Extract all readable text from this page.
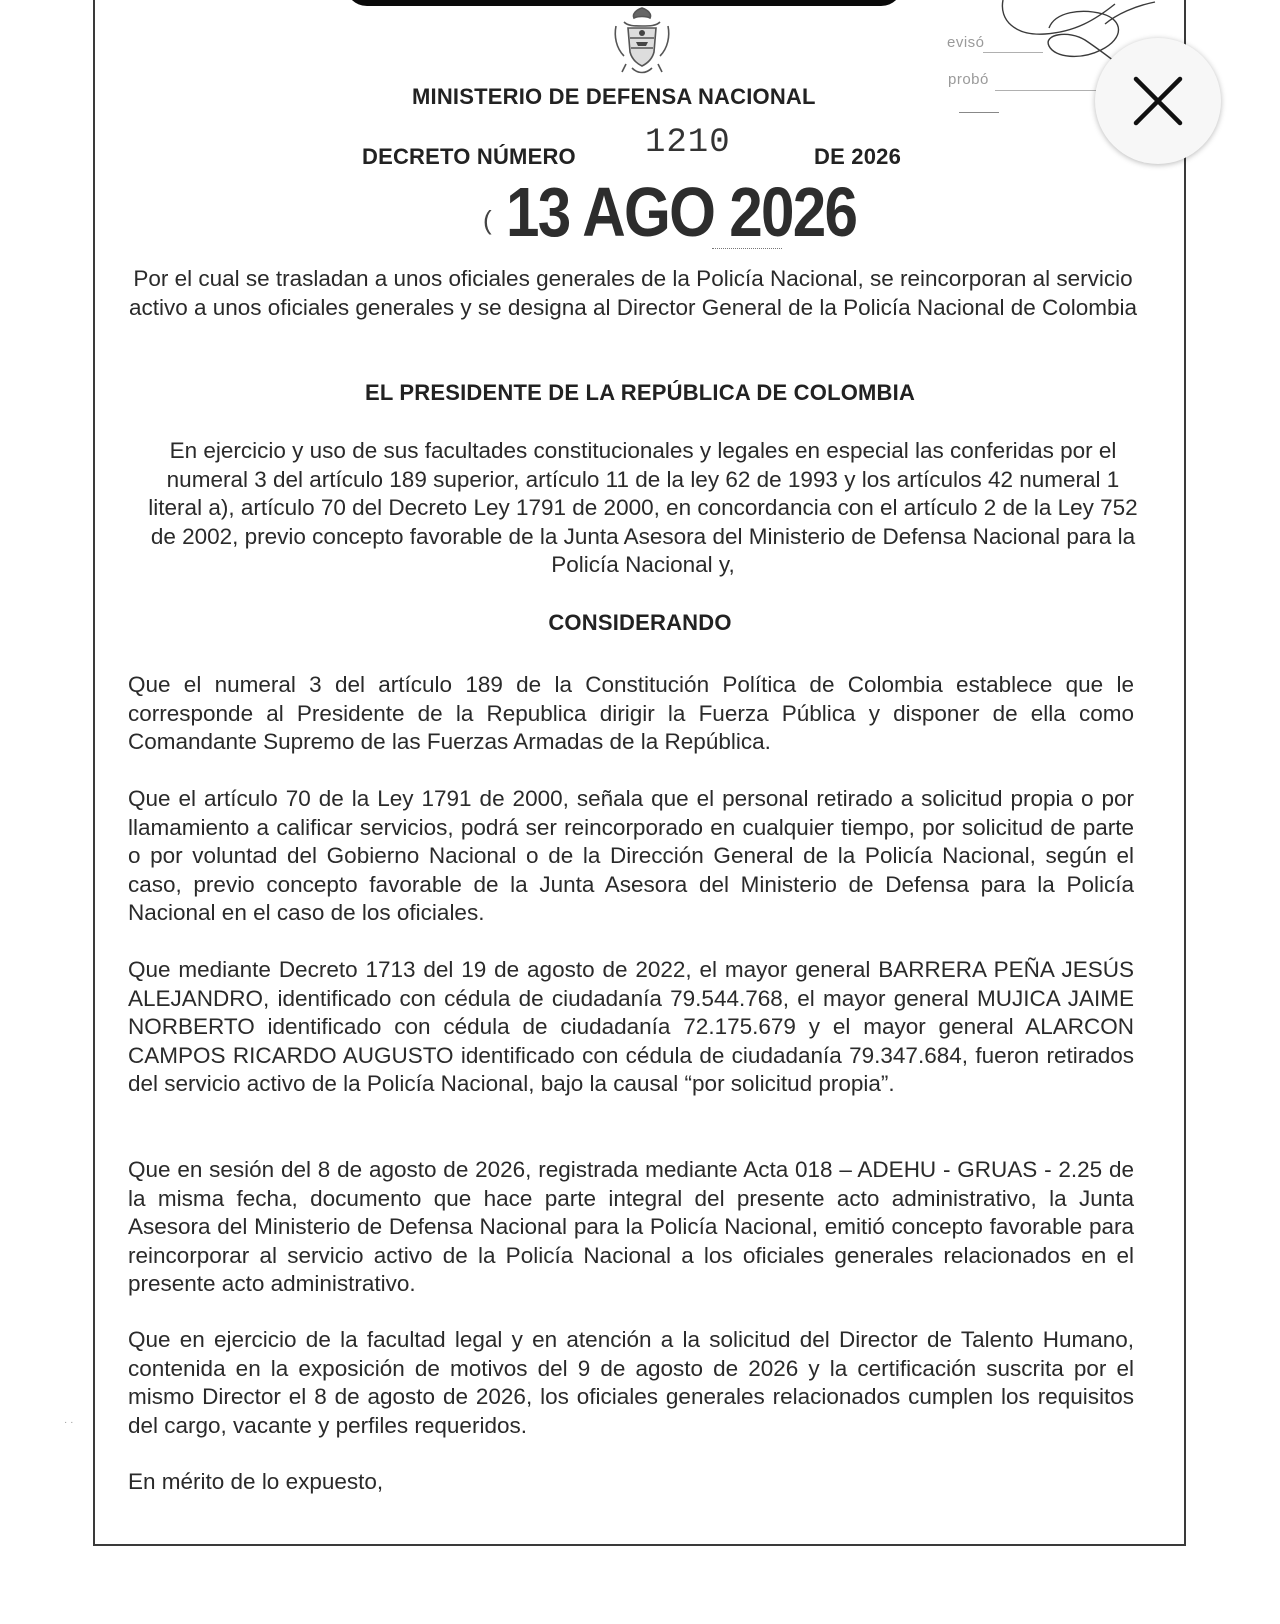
evisó
probó
MINISTERIO DE DEFENSA NACIONAL
DECRETO NÚMERO 1210	DE 2026
( 13 AGO 2026
Por el cual se trasladan a unos oficiales generales de la Policía Nacional, se reincorporan al servicio activo a unos oficiales generales y se designa al Director General de la Policía Nacional de Colombia
EL PRESIDENTE DE LA REPÚBLICA DE COLOMBIA
En ejercicio y uso de sus facultades constitucionales y legales en especial las conferidas por el numeral 3 del artículo 189 superior, artículo 11 de la ley 62 de 1993 y los artículos 42 numeral 1 literal a), artículo 70 del Decreto Ley 1791 de 2000, en concordancia con el artículo 2 de la Ley 752 de 2002, previo concepto favorable de la Junta Asesora del Ministerio de Defensa Nacional para la Policía Nacional y,
CONSIDERANDO
Que el numeral 3 del artículo 189 de la Constitución Política de Colombia establece que le corresponde al Presidente de la Republica dirigir la Fuerza Pública y disponer de ella como Comandante Supremo de las Fuerzas Armadas de la República.
Que el artículo 70 de la Ley 1791 de 2000, señala que el personal retirado a solicitud propia o por llamamiento a calificar servicios, podrá ser reincorporado en cualquier tiempo, por solicitud de parte o por voluntad del Gobierno Nacional o de la Dirección General de la Policía Nacional, según el caso, previo concepto favorable de la Junta Asesora del Ministerio de Defensa para la Policía Nacional en el caso de los oficiales.
Que mediante Decreto 1713 del 19 de agosto de 2022, el mayor general BARRERA PEÑA JESÚS ALEJANDRO, identificado con cédula de ciudadanía 79.544.768, el mayor general MUJICA JAIME NORBERTO identificado con cédula de ciudadanía 72.175.679 y el mayor general ALARCON CAMPOS RICARDO AUGUSTO identificado con cédula de ciudadanía 79.347.684, fueron retirados del servicio activo de la Policía Nacional, bajo la causal “por solicitud propia”.
Que en sesión del 8 de agosto de 2026, registrada mediante Acta 018 – ADEHU - GRUAS - 2.25 de la misma fecha, documento que hace parte integral del presente acto administrativo, la Junta Asesora del Ministerio de Defensa Nacional para la Policía Nacional, emitió concepto favorable para reincorporar al servicio activo de la Policía Nacional a los oficiales generales relacionados en el presente acto administrativo.
Que en ejercicio de la facultad legal y en atención a la solicitud del Director de Talento Humano, contenida en la exposición de motivos del 9 de agosto de 2026 y la certificación suscrita por el mismo Director el 8 de agosto de 2026, los oficiales generales relacionados cumplen los requisitos del cargo, vacante y perfiles requeridos.
En mérito de lo expuesto,
· ·
